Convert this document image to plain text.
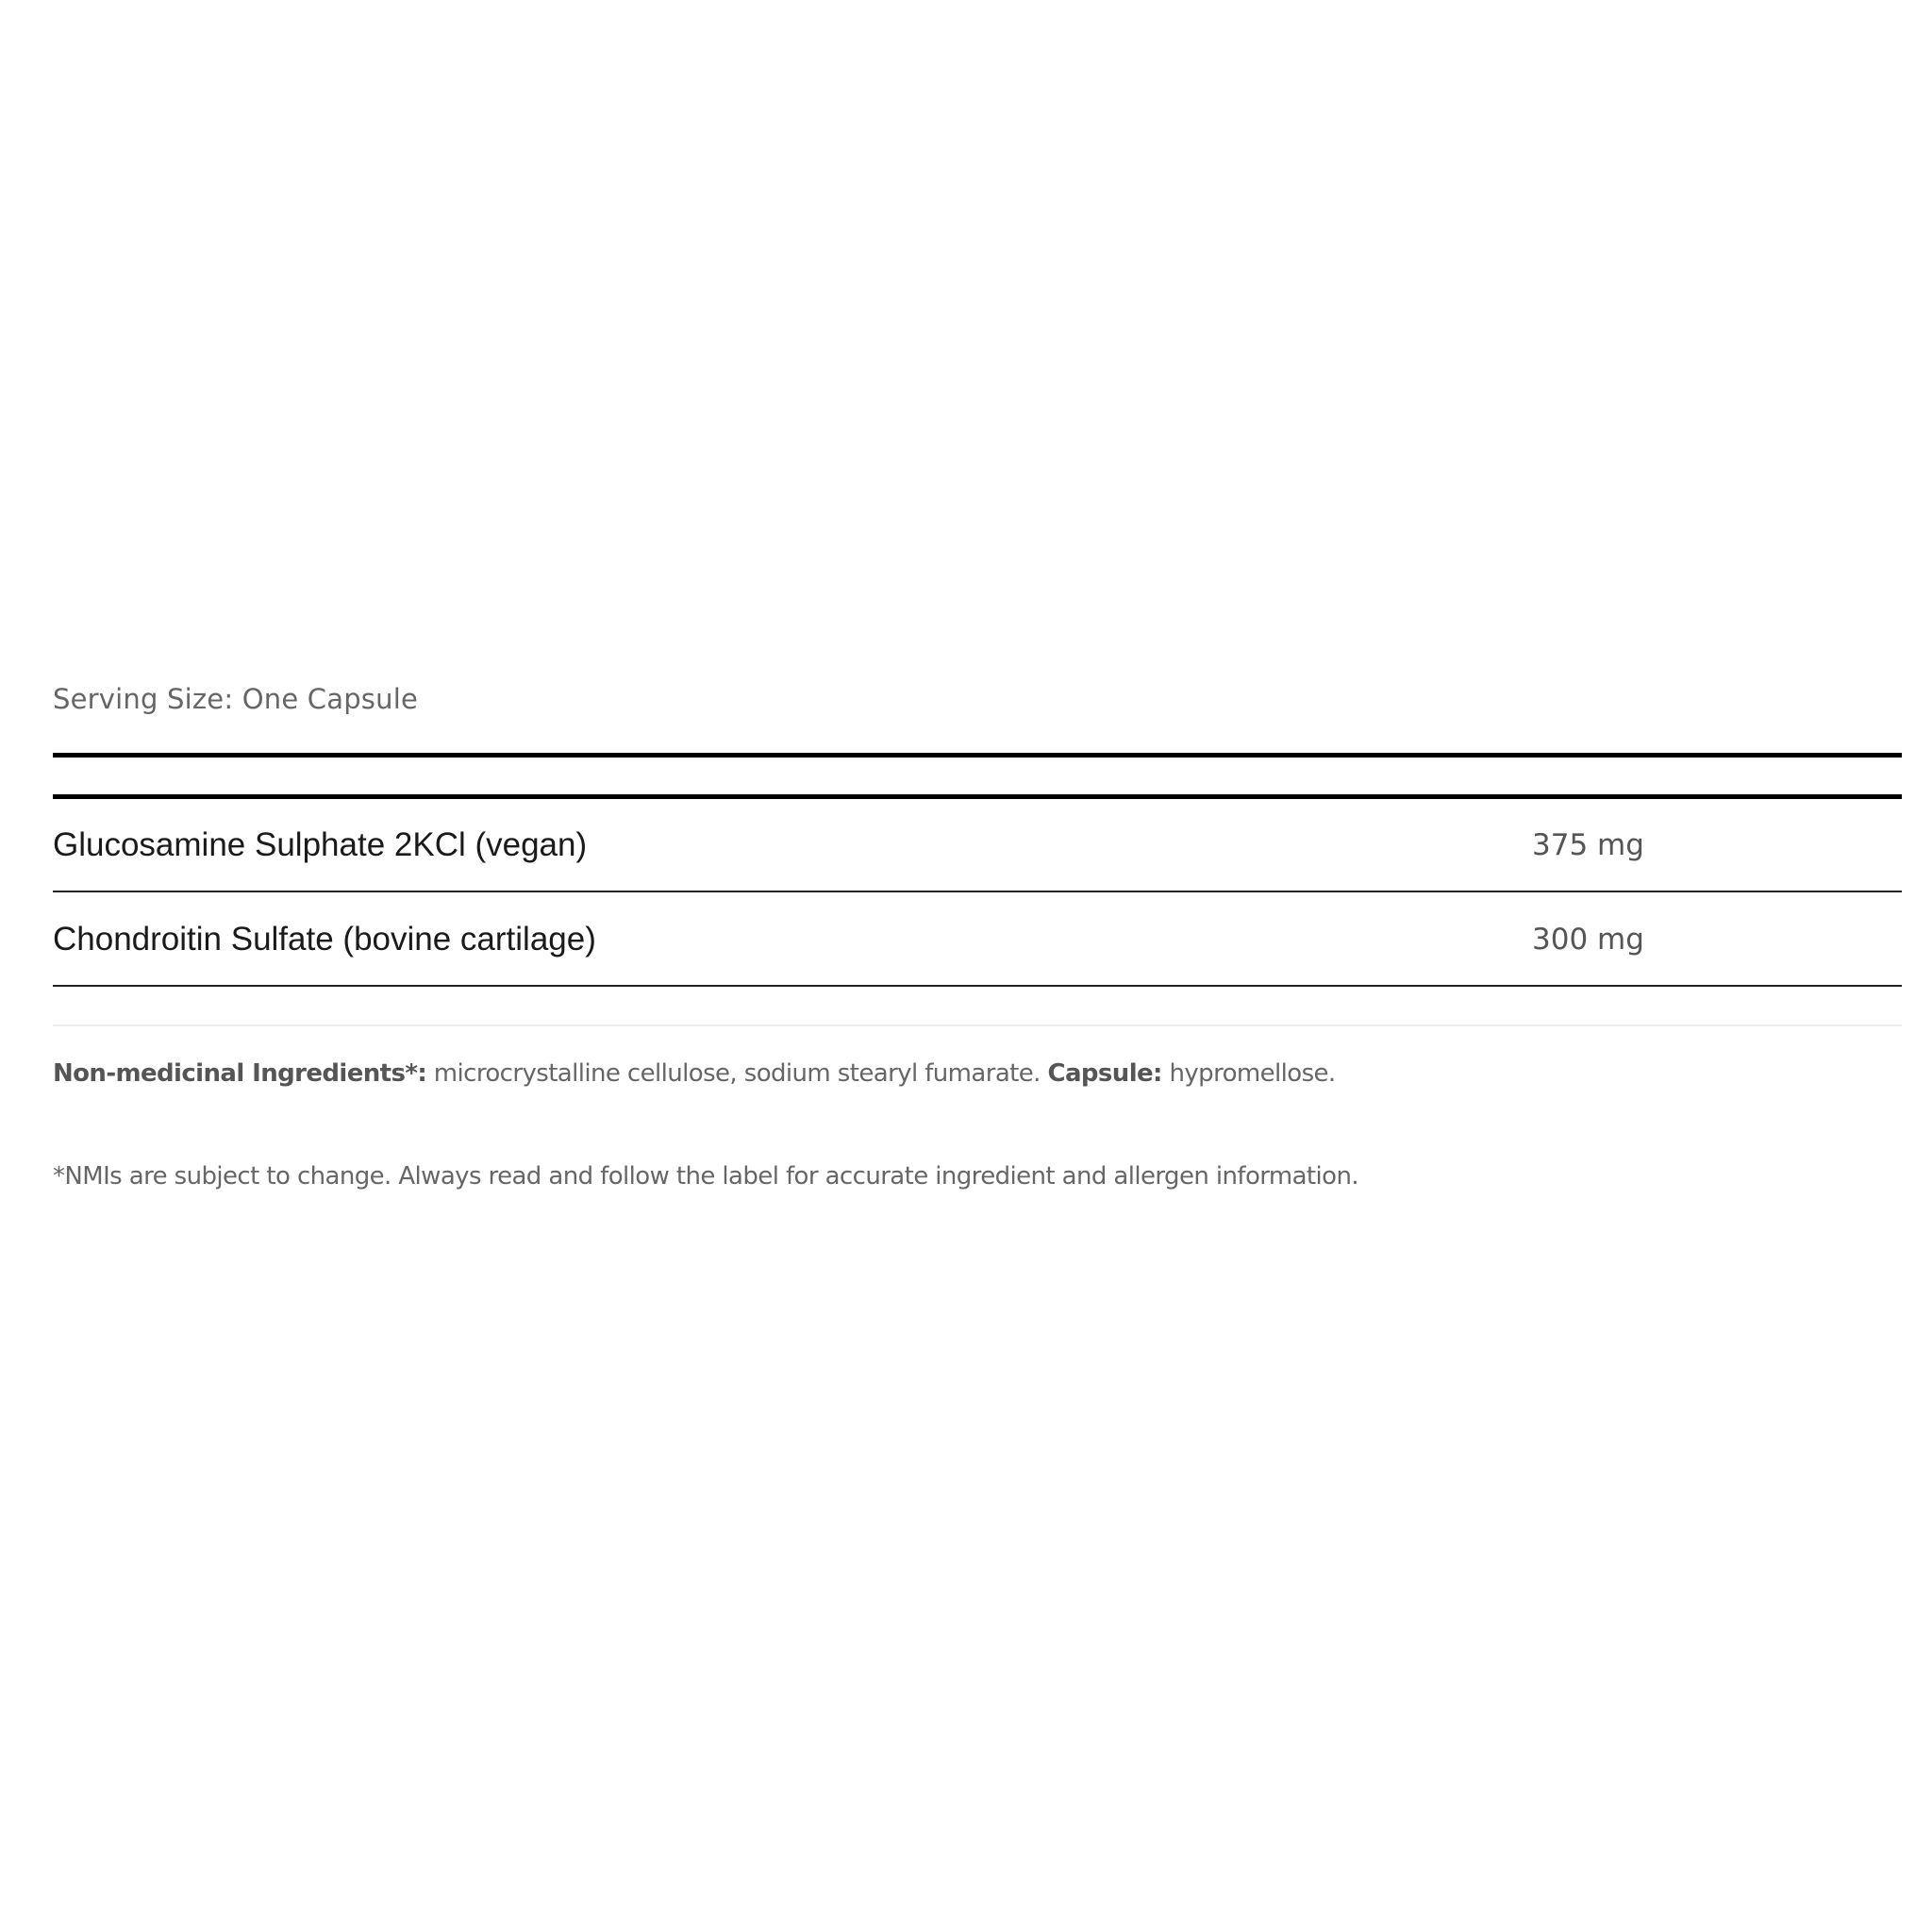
Serving Size: One Capsule
Glucosamine Sulphate 2KCl (vegan)	375 mg
Chondroitin Sulfate (bovine cartilage)	300 mg
Non-medicinal Ingredients*: microcrystalline cellulose, sodium stearyl fumarate. Capsule: hypromellose.
*NMIs are subject to change. Always read and follow the label for accurate ingredient and allergen information.
